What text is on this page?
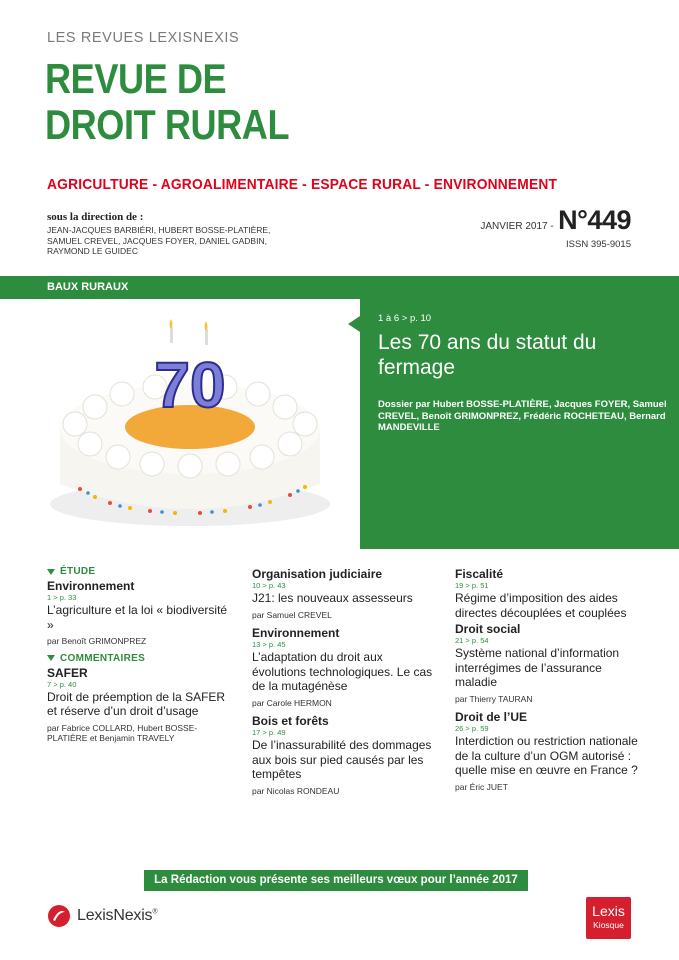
LES REVUES LEXISNEXIS
REVUE DE
DROIT RURAL
AGRICULTURE - AGROALIMENTAIRE - ESPACE RURAL - ENVIRONNEMENT
sous la direction de :
JEAN-JACQUES BARBIÉRI, HUBERT BOSSE-PLATIÈRE, SAMUEL CREVEL, JACQUES FOYER, DANIEL GADBIN, RAYMOND LE GUIDEC
JANVIER 2017 - N°449
ISSN 395-9015
BAUX RURAUX
70
1 à 6 > p. 10
Les 70 ans du statut du fermage
Dossier par Hubert BOSSE-PLATIÈRE, Jacques FOYER, Samuel CREVEL, Benoît GRIMONPREZ, Frédéric ROCHETEAU, Bernard MANDEVILLE
ÉTUDE
Environnement
1 > p. 33
L’agriculture et la loi « biodiversité »
par Benoît GRIMONPREZ
COMMENTAIRES
SAFER
7 > p. 40
Droit de préemption de la SAFER et réserve d’un droit d’usage
par Fabrice COLLARD, Hubert BOSSE-PLATIÈRE et Benjamin TRAVELY
Organisation judiciaire
10 > p. 43
J21: les nouveaux assesseurs
par Samuel CREVEL
Environnement
13 > p. 45
L’adaptation du droit aux évolutions technologiques. Le cas de la mutagénèse
par Carole HERMON
Bois et forêts
17 > p. 49
De l’inassurabilité des dommages aux bois sur pied causés par les tempêtes
par Nicolas RONDEAU
Fiscalité
19 > p. 51
Régime d’imposition des aides directes découplées et couplées
Droit social
21 > p. 54
Système national d’information interrégimes de l’assurance maladie
par Thierry TAURAN
Droit de l’UE
26 > p. 59
Interdiction ou restriction nationale de la culture d’un OGM autorisé : quelle mise en œuvre en France ?
par Éric JUET
La Rédaction vous présente ses meilleurs vœux pour l’année 2017
LexisNexis®	Lexis
Kiosque
